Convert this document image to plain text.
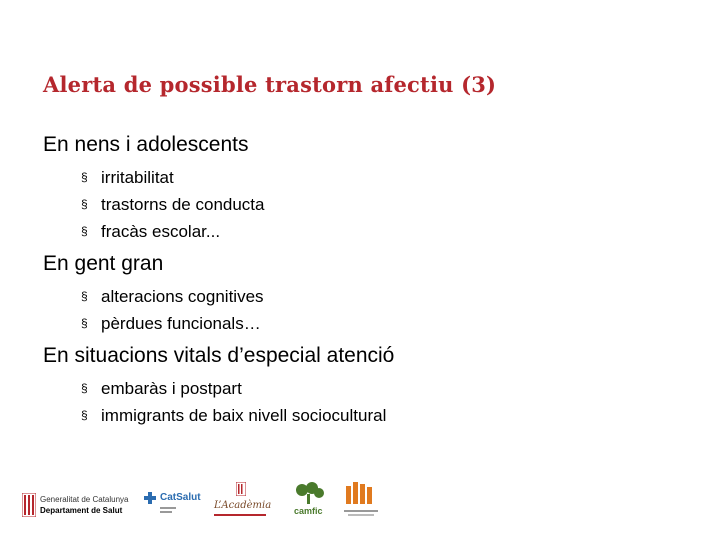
Alerta de possible trastorn afectiu (3)
En nens i adolescents
§ irritabilitat
§ trastorns de conducta
§ fracàs escolar...
En gent gran
§ alteracions cognitives
§ pèrdues funcionals…
En situacions vitals d’especial atenció
§ embaràs i postpart
§ immigrants de baix nivell sociocultural
Generalitat de Catalunya
Departament de Salut
CatSalut
L’Acadèmia	camfic
